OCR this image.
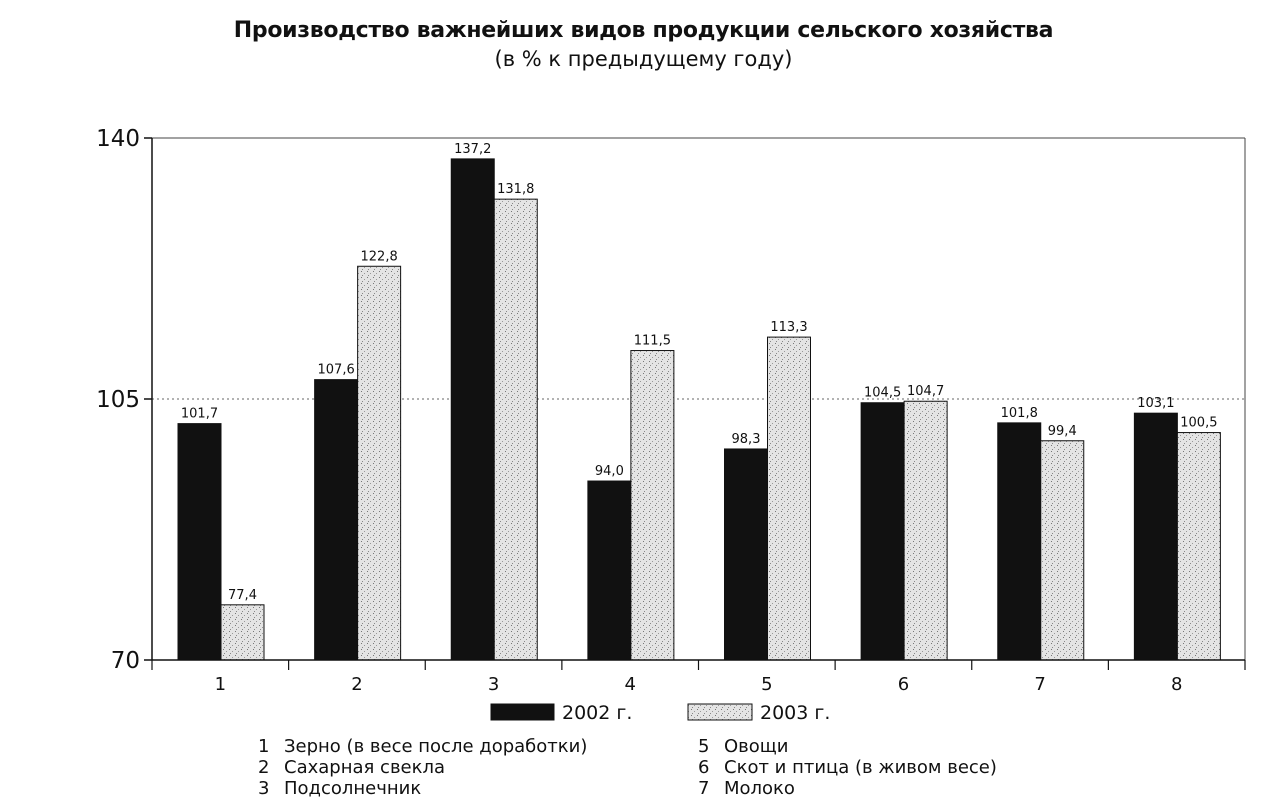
Производство важнейших видов продукции сельского хозяйства
(в % к предыдущему году)
70
105
140
1	2	3	4	5	6	7	8
101,7
107,6
137,2
94,0
98,3
104,5
101,8
103,1
77,4
122,8
131,8
111,5
113,3
104,7
99,4
100,5
2002 г.	2003 г.
1 Зерно (в весе после доработки)
2 Сахарная свекла
3 Подсолнечник
5 Овощи
6 Скот и птица (в живом весе)
7 Молоко
